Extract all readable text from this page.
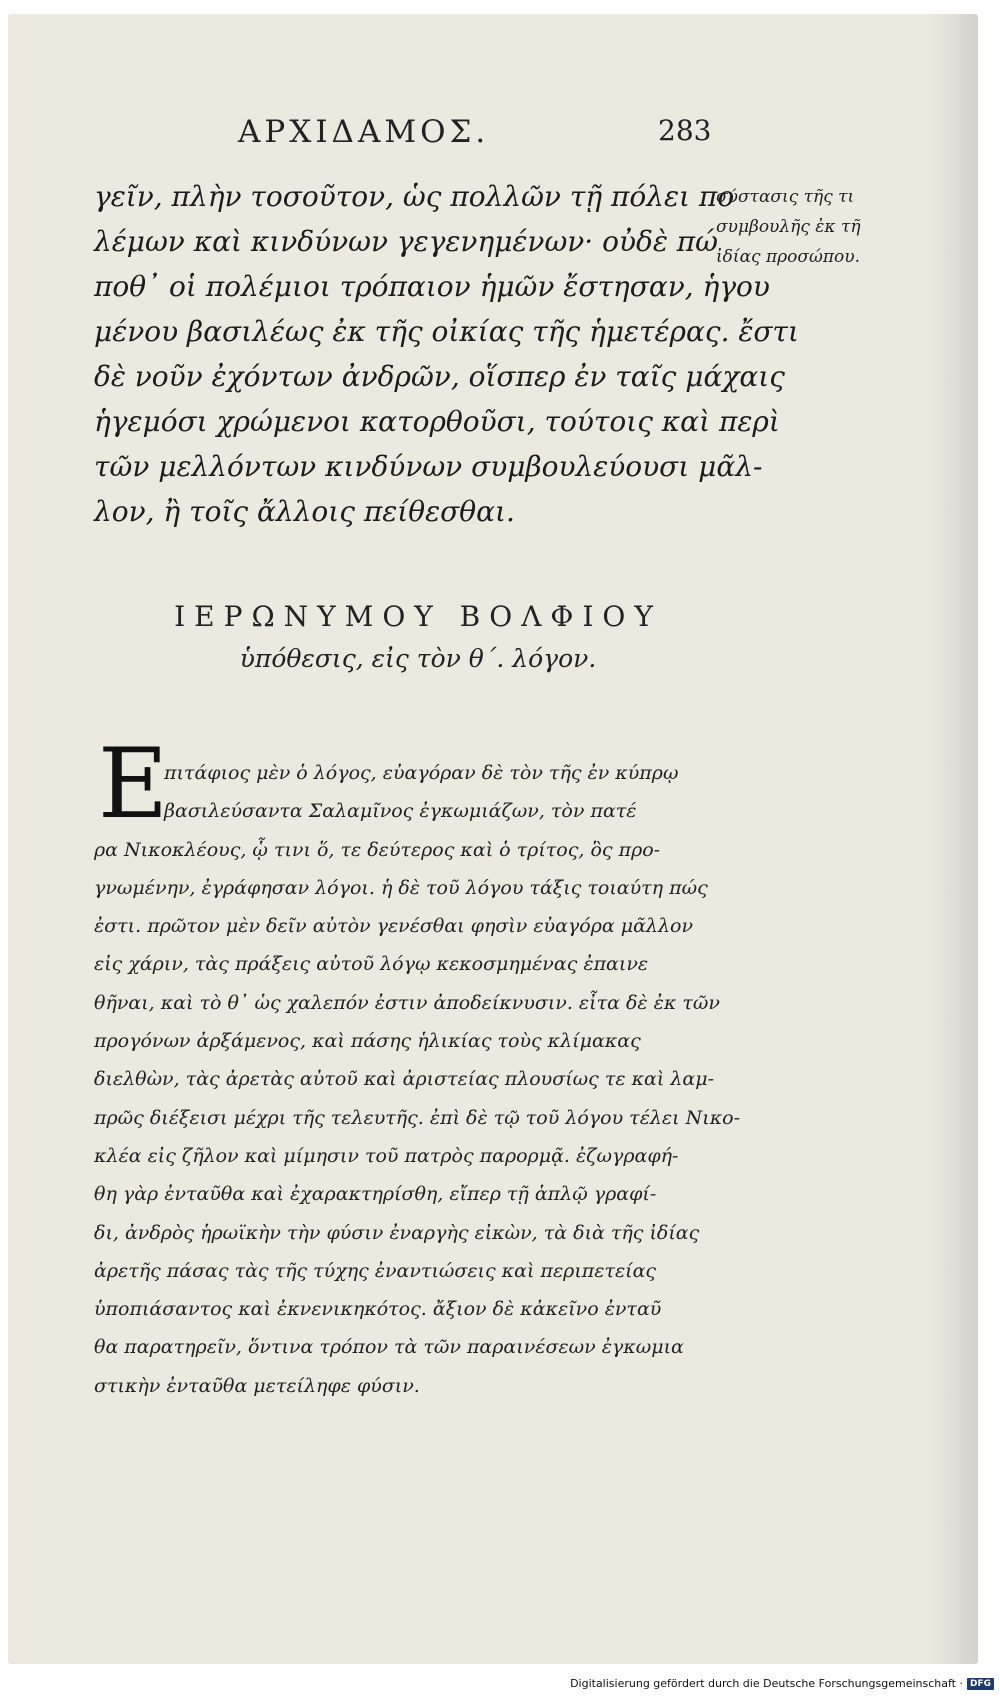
ΑΡΧΙΔΑΜΟΣ.	283
γεῖν, πλὴν τοσοῦτον, ὡς πολλῶν τῇ πόλει πο
λέμων καὶ κινδύνων γεγενημένων· οὐδὲ πώ
ποθ᾽ οἱ πολέμιοι τρόπαιον ἡμῶν ἔστησαν, ἡγου
μένου βασιλέως ἐκ τῆς οἰκίας τῆς ἡμετέρας. ἔστι
δὲ νοῦν ἐχόντων ἀνδρῶν, οἵσπερ ἐν ταῖς μάχαις
ἡγεμόσι χρώμενοι κατορθοῦσι, τούτοις καὶ περὶ
τῶν μελλόντων κινδύνων συμβουλεύουσι μᾶλ-
λον, ἢ τοῖς ἄλλοις πείθεσθαι.
σύστασις τῆς τι
συμβουλῆς ἐκ τῆ
ἰδίας προσώπου.
ΙΕΡΩΝΥΜΟΥ ΒΟΛΦΙΟΥ
ὑπόθεσις, εἰς τὸν θ΄. λόγον.
E
πιτάφιος μὲν ὁ λόγος, εὐαγόραν δὲ τὸν τῆς ἐν κύπρῳ
βασιλεύσαντα Σαλαμῖνος ἐγκωμιάζων, τὸν πατέ
ρα Νικοκλέους, ᾧ τινι ὅ, τε δεύτερος καὶ ὁ τρίτος, ὃς προ-
γνωμένην, ἐγράφησαν λόγοι. ἡ δὲ τοῦ λόγου τάξις τοιαύτη πώς
ἐστι. πρῶτον μὲν δεῖν αὐτὸν γενέσθαι φησὶν εὐαγόρα μᾶλλον
εἰς χάριν, τὰς πράξεις αὐτοῦ λόγῳ κεκοσμημένας ἐπαινε
θῆναι, καὶ τὸ θ᾽ ὡς χαλεπόν ἐστιν ἀποδείκνυσιν. εἶτα δὲ ἐκ τῶν
προγόνων ἀρξάμενος, καὶ πάσης ἡλικίας τοὺς κλίμακας
διελθὼν, τὰς ἀρετὰς αὐτοῦ καὶ ἀριστείας πλουσίως τε καὶ λαμ-
πρῶς διέξεισι μέχρι τῆς τελευτῆς. ἐπὶ δὲ τῷ τοῦ λόγου τέλει Νικο-
κλέα εἰς ζῆλον καὶ μίμησιν τοῦ πατρὸς παρορμᾷ. ἐζωγραφή-
θη γὰρ ἐνταῦθα καὶ ἐχαρακτηρίσθη, εἴπερ τῇ ἁπλῷ γραφί-
δι, ἀνδρὸς ἡρωϊκὴν τὴν φύσιν ἐναργὴς εἰκὼν, τὰ διὰ τῆς ἰδίας
ἀρετῆς πάσας τὰς τῆς τύχης ἐναντιώσεις καὶ περιπετείας
ὑποπιάσαντος καὶ ἐκνενικηκότος. ἄξιον δὲ κἀκεῖνο ἐνταῦ
θα παρατηρεῖν, ὅντινα τρόπον τὰ τῶν παραινέσεων ἐγκωμια
στικὴν ἐνταῦθα μετείληφε φύσιν.
Digitalisierung gefördert durch die Deutsche Forschungsgemeinschaft · DFG
